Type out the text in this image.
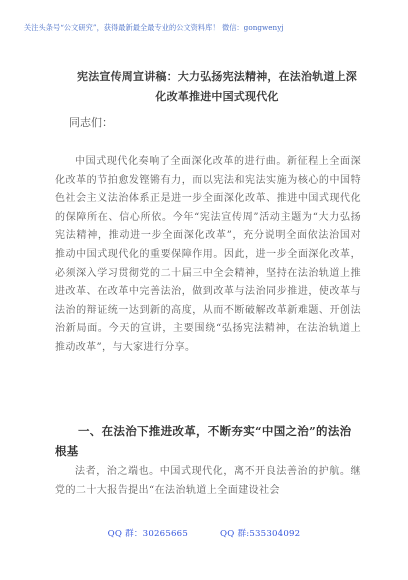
关注头条号“公文研究”，获得最新最全最专业的公文资料库！ 微信：gongwenyj
宪法宣传周宣讲稿：大力弘扬宪法精神，在法治轨道上深
化改革推进中国式现代化
同志们：

中国式现代化奏响了全面深化改革的进行曲。新征程上全面深化改革的节拍愈发铿锵有力，而以宪法和宪法实施为核心的中国特色社会主义法治体系正是进一步全面深化改革、推进中国式现代化的保障所在、信心所依。今年“宪法宣传周”活动主题为“大力弘扬宪法精神，推动进一步全面深化改革”，充分说明全面依法治国对推动中国式现代化的重要保障作用。因此，进一步全面深化改革，必须深入学习贯彻党的二十届三中全会精神，坚持在法治轨道上推进改革、在改革中完善法治，做到改革与法治同步推进，使改革与法治的辩证统一达到新的高度，从而不断破解改革新难题、开创法治新局面。今天的宣讲，主要围绕“弘扬宪法精神，在法治轨道上推动改革”，与大家进行分享。

一、在法治下推进改革，不断夯实“中国之治”的法治根基

法者，治之端也。中国式现代化，离不开良法善治的护航。继党的二十大报告提出“在法治轨道上全面建设社会

QQ 群：30265665	QQ 群:535304092
